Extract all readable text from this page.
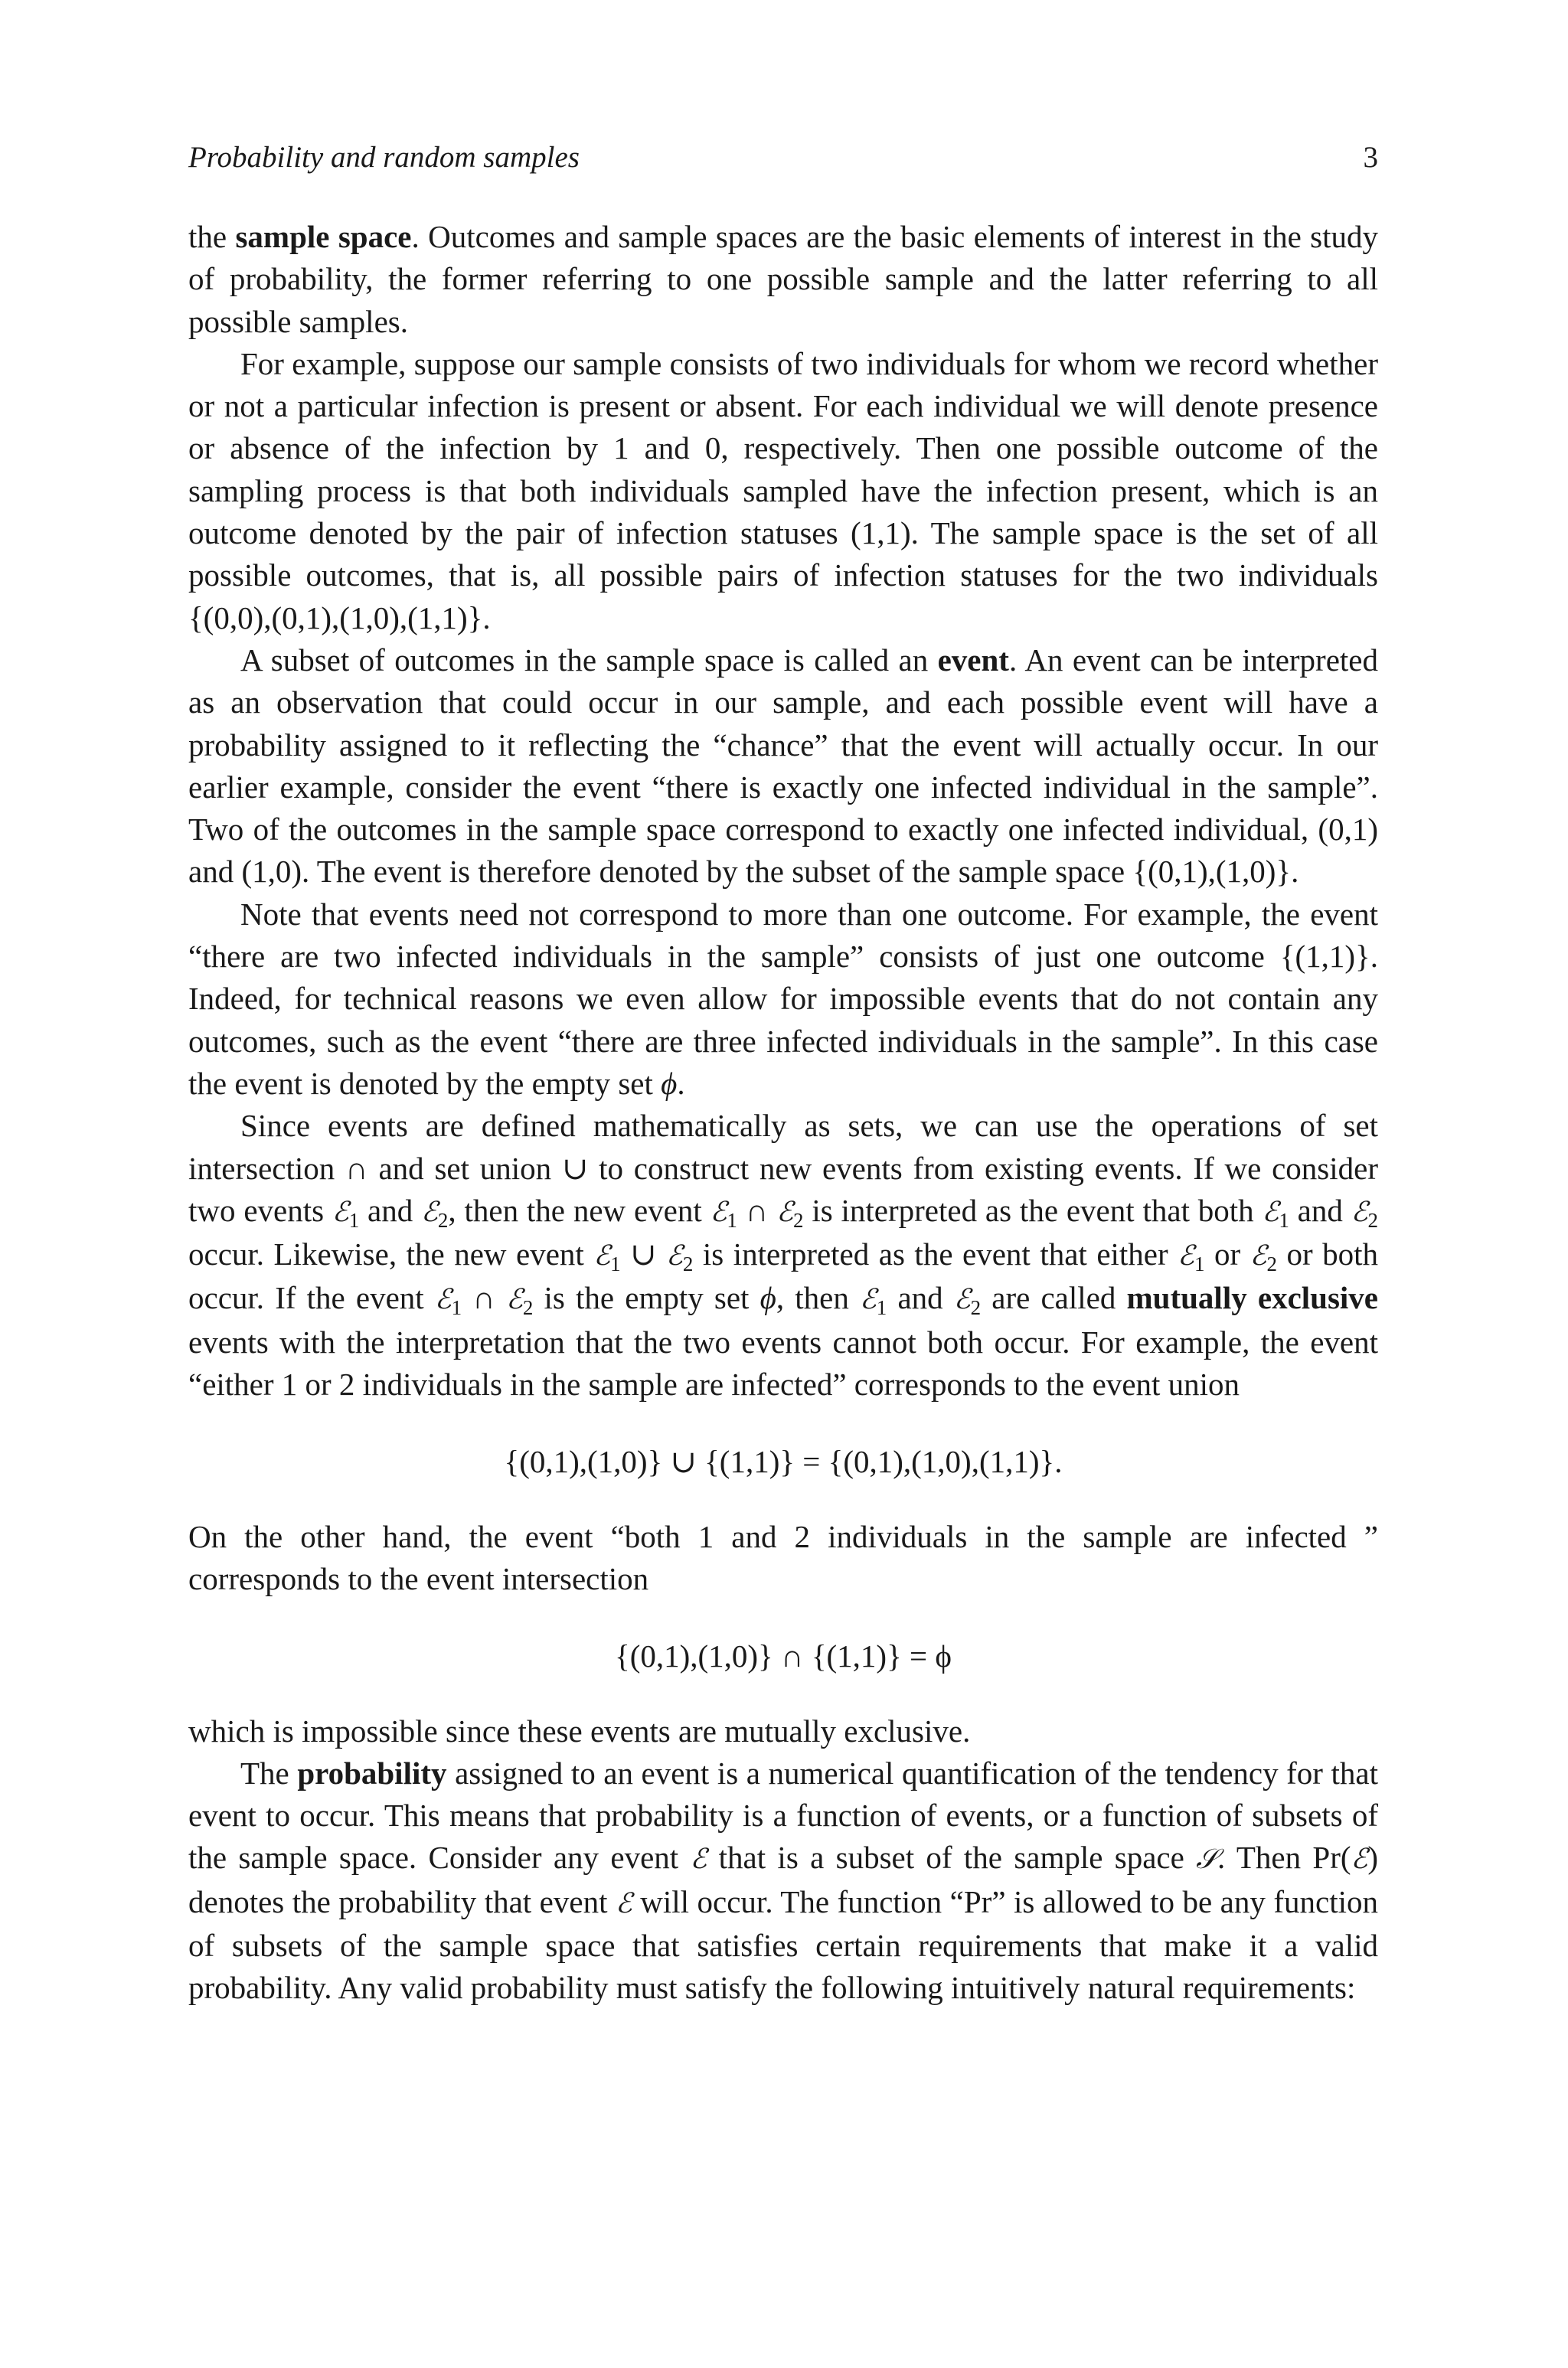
Probability and random samples	3

the sample space. Outcomes and sample spaces are the basic elements of interest in the study of probability, the former referring to one possible sample and the latter referring to all possible samples.

For example, suppose our sample consists of two individuals for whom we record whether or not a particular infection is present or absent. For each individual we will denote presence or absence of the infection by 1 and 0, respectively. Then one possible outcome of the sampling process is that both individuals sampled have the infection present, which is an outcome denoted by the pair of infection statuses (1,1). The sample space is the set of all possible outcomes, that is, all possible pairs of infection statuses for the two individuals {(0,0),(0,1),(1,0),(1,1)}.

A subset of outcomes in the sample space is called an event. An event can be interpreted as an observation that could occur in our sample, and each possible event will have a probability assigned to it reflecting the “chance” that the event will actually occur. In our earlier example, consider the event “there is exactly one infected individual in the sample”. Two of the outcomes in the sample space correspond to exactly one infected individual, (0,1) and (1,0). The event is therefore denoted by the subset of the sample space {(0,1),(1,0)}.

Note that events need not correspond to more than one outcome. For example, the event “there are two infected individuals in the sample” consists of just one outcome {(1,1)}. Indeed, for technical reasons we even allow for impossible events that do not contain any outcomes, such as the event “there are three infected individuals in the sample”. In this case the event is denoted by the empty set ϕ.

Since events are defined mathematically as sets, we can use the operations of set intersection ∩ and set union ∪ to construct new events from existing events. If we consider two events ℰ$_1$ and ℰ$_2$, then the new event ℰ$_1$ ∩ ℰ$_2$ is interpreted as the event that both ℰ$_1$ and ℰ$_2$ occur. Likewise, the new event ℰ$_1$ ∪ ℰ$_2$ is interpreted as the event that either ℰ$_1$ or ℰ$_2$ or both occur. If the event ℰ$_1$ ∩ ℰ$_2$ is the empty set ϕ, then ℰ$_1$ and ℰ$_2$ are called mutually exclusive events with the interpretation that the two events cannot both occur. For example, the event “either 1 or 2 individuals in the sample are infected” corresponds to the event union

{(0,1),(1,0)} ∪ {(1,1)} = {(0,1),(1,0),(1,1)}.

On the other hand, the event “both 1 and 2 individuals in the sample are infected ” corresponds to the event intersection

{(0,1),(1,0)} ∩ {(1,1)} = ϕ

which is impossible since these events are mutually exclusive.

The probability assigned to an event is a numerical quantification of the tendency for that event to occur. This means that probability is a function of events, or a function of subsets of the sample space. Consider any event ℰ that is a subset of the sample space 𝒮. Then Pr(ℰ) denotes the probability that event ℰ will occur. The function “Pr” is allowed to be any function of subsets of the sample space that satisfies certain requirements that make it a valid probability. Any valid probability must satisfy the following intuitively natural requirements:
